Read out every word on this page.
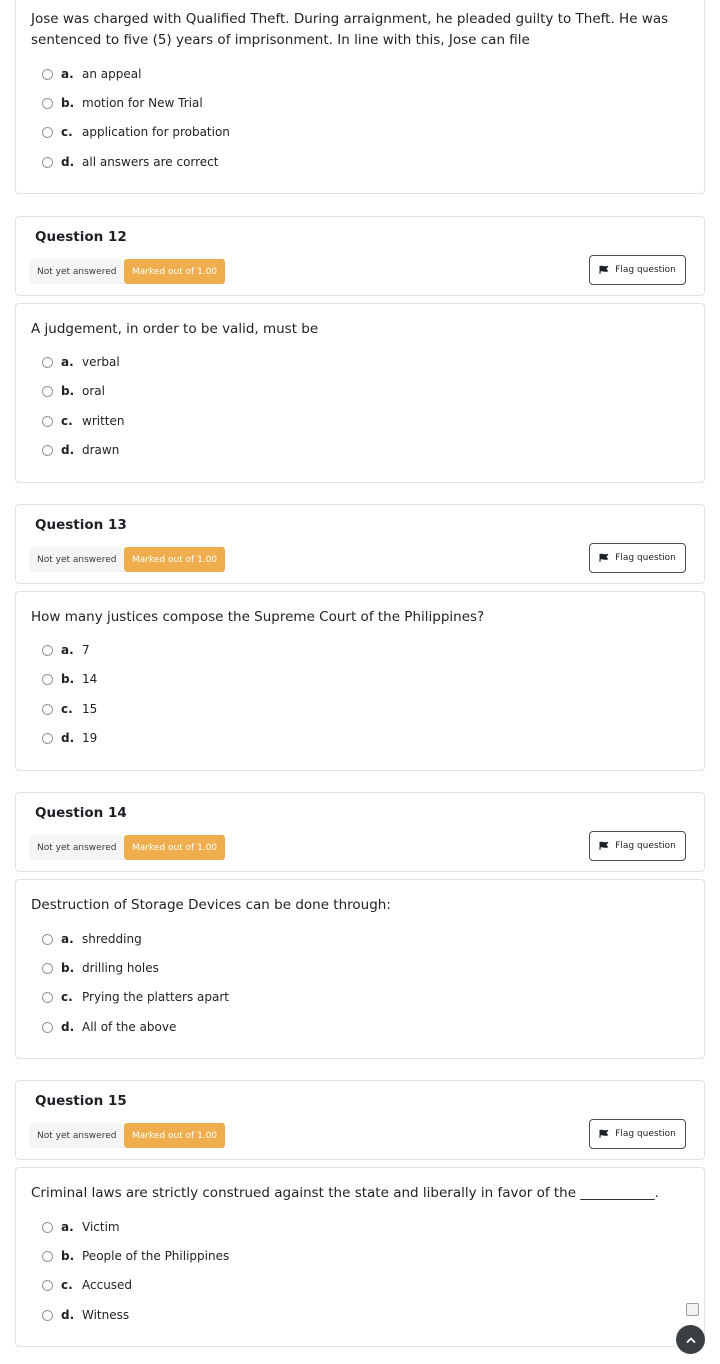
Jose was charged with Qualified Theft. During arraignment, he pleaded guilty to Theft. He was sentenced to five (5) years of imprisonment. In line with this, Jose can file
a. an appeal
b. motion for New Trial
c. application for probation
d. all answers are correct
Question 12
Not yet answered	Marked out of 1.00	Flag question
A judgement, in order to be valid, must be
a. verbal
b. oral
c. written
d. drawn
Question 13
Not yet answered	Marked out of 1.00	Flag question
How many justices compose the Supreme Court of the Philippines?
a. 7
b. 14
c. 15
d. 19
Question 14
Not yet answered	Marked out of 1.00	Flag question
Destruction of Storage Devices can be done through:
a. shredding
b. drilling holes
c. Prying the platters apart
d. All of the above
Question 15
Not yet answered	Marked out of 1.00	Flag question
Criminal laws are strictly construed against the state and liberally in favor of the ___________.
a. Victim
b. People of the Philippines
c. Accused
d. Witness
